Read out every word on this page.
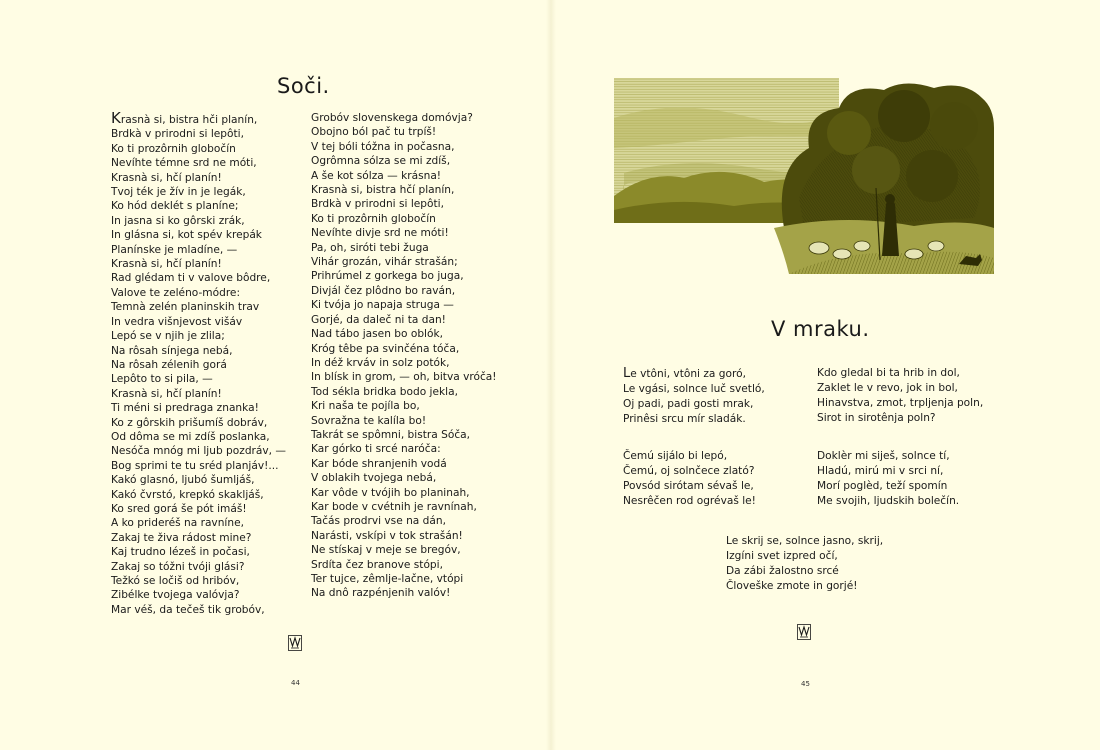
Soči.
Krasnà si, bistra hči planín,
Brdkà v prirodni si lepôti,
Ko ti prozôrnih globočín
Nevíhte témne srd ne móti,
Krasnà si, hčí planín!
Tvoj ték je žív in je legák,
Ko hód deklét s planíne;
In jasna si ko gôrski zrák,
In glásna si, kot spév krepák
Planínske je mladíne, —
Krasnà si, hčí planín!
Rad glédam ti v valove bôdre,
Valove te zeléno-módre:
Temnà zelén planinskih trav
In vedra višnjevost višáv
Lepó se v njih je zlila;
Na rôsah sínjega nebá,
Na rôsah zélenih gorá
Lepôto to si pila, —
Krasnà si, hčí planín!
Ti méni si predraga znanka!
Ko z gôrskih prišumíš dobráv,
Od dôma se mi zdíš poslanka,
Nesóča mnóg mi ljub pozdráv, —
Bog sprimi te tu sréd planjáv!...
Kakó glasnó, ljubó šumljáš,
Kakó čvrstó, krepkó skakljáš,
Ko sred gorá še pót imáš!
A ko prideréš na ravníne,
Zakaj te živa rádost mine?
Kaj trudno lézeš in počasi,
Zakaj so tóžni tvóji glási?
Težkó se ločiš od hribóv,
Zibélke tvojega valóvja?
Mar véš, da tečeš tik grobóv,
Grobóv slovenskega domóvja?
Obojno ból pač tu trpíš!
V tej bóli tóžna in počasna,
Ogrômna sólza se mi zdíš,
A še kot sólza — krásna!
Krasnà si, bistra hčí planín,
Brdkà v prirodni si lepôti,
Ko ti prozôrnih globočín
Nevíhte divje srd ne móti!
Pa, oh, siróti tebi žuga
Vihár grozán, vihár strašán;
Prihrúmel z gorkega bo juga,
Divjál čez plôdno bo raván,
Ki tvója jo napaja struga —
Gorjé, da daleč ni ta dan!
Nad tábo jasen bo oblók,
Króg têbe pa svinčéna tóča,
In déž krváv in solz potók,
In blísk in grom, — oh, bitva vróča!
Tod sékla bridka bodo jekla,
Kri naša te pojíla bo,
Sovražna te kalíla bo!
Takrát se spômni, bistra Sóča,
Kar górko ti srcé naróča:
Kar bóde shranjenih vodá
V oblakih tvojega nebá,
Kar vôde v tvójih bo planinah,
Kar bode v cvétnih je ravnínah,
Tačás prodrvi vse na dán,
Narásti, vskípi v tok strašán!
Ne stískaj v meje se bregóv,
Srdíta čez branove stópi,
Ter tujce, zêmlje-lačne, vtópi
Na dnô razpénjenih valóv!
44
V mraku.
Le vtôni, vtôni za goró,
Le vgási, solnce luč svetló,
Oj padi, padi gosti mrak,
Prinêsi srcu mír sladák.
Kdo gledal bi ta hrib in dol,
Zaklet le v revo, jok in bol,
Hinavstva, zmot, trpljenja poln,
Sirot in sirotênja poln?
Čemú sijálo bi lepó,
Čemú, oj solnčece zlató?
Povsód sirótam sévaš le,
Nesrêčen rod ogrévaš le!
Doklèr mi siješ, solnce tí,
Hladú, mirú mi v srci ní,
Morí poglèd, teží spomín
Me svojih, ljudskih bolečín.
Le skrij se, solnce jasno, skrij,
Izgíni svet izpred očí,
Da zábi žalostno srcé
Človeške zmote in gorjé!
45
